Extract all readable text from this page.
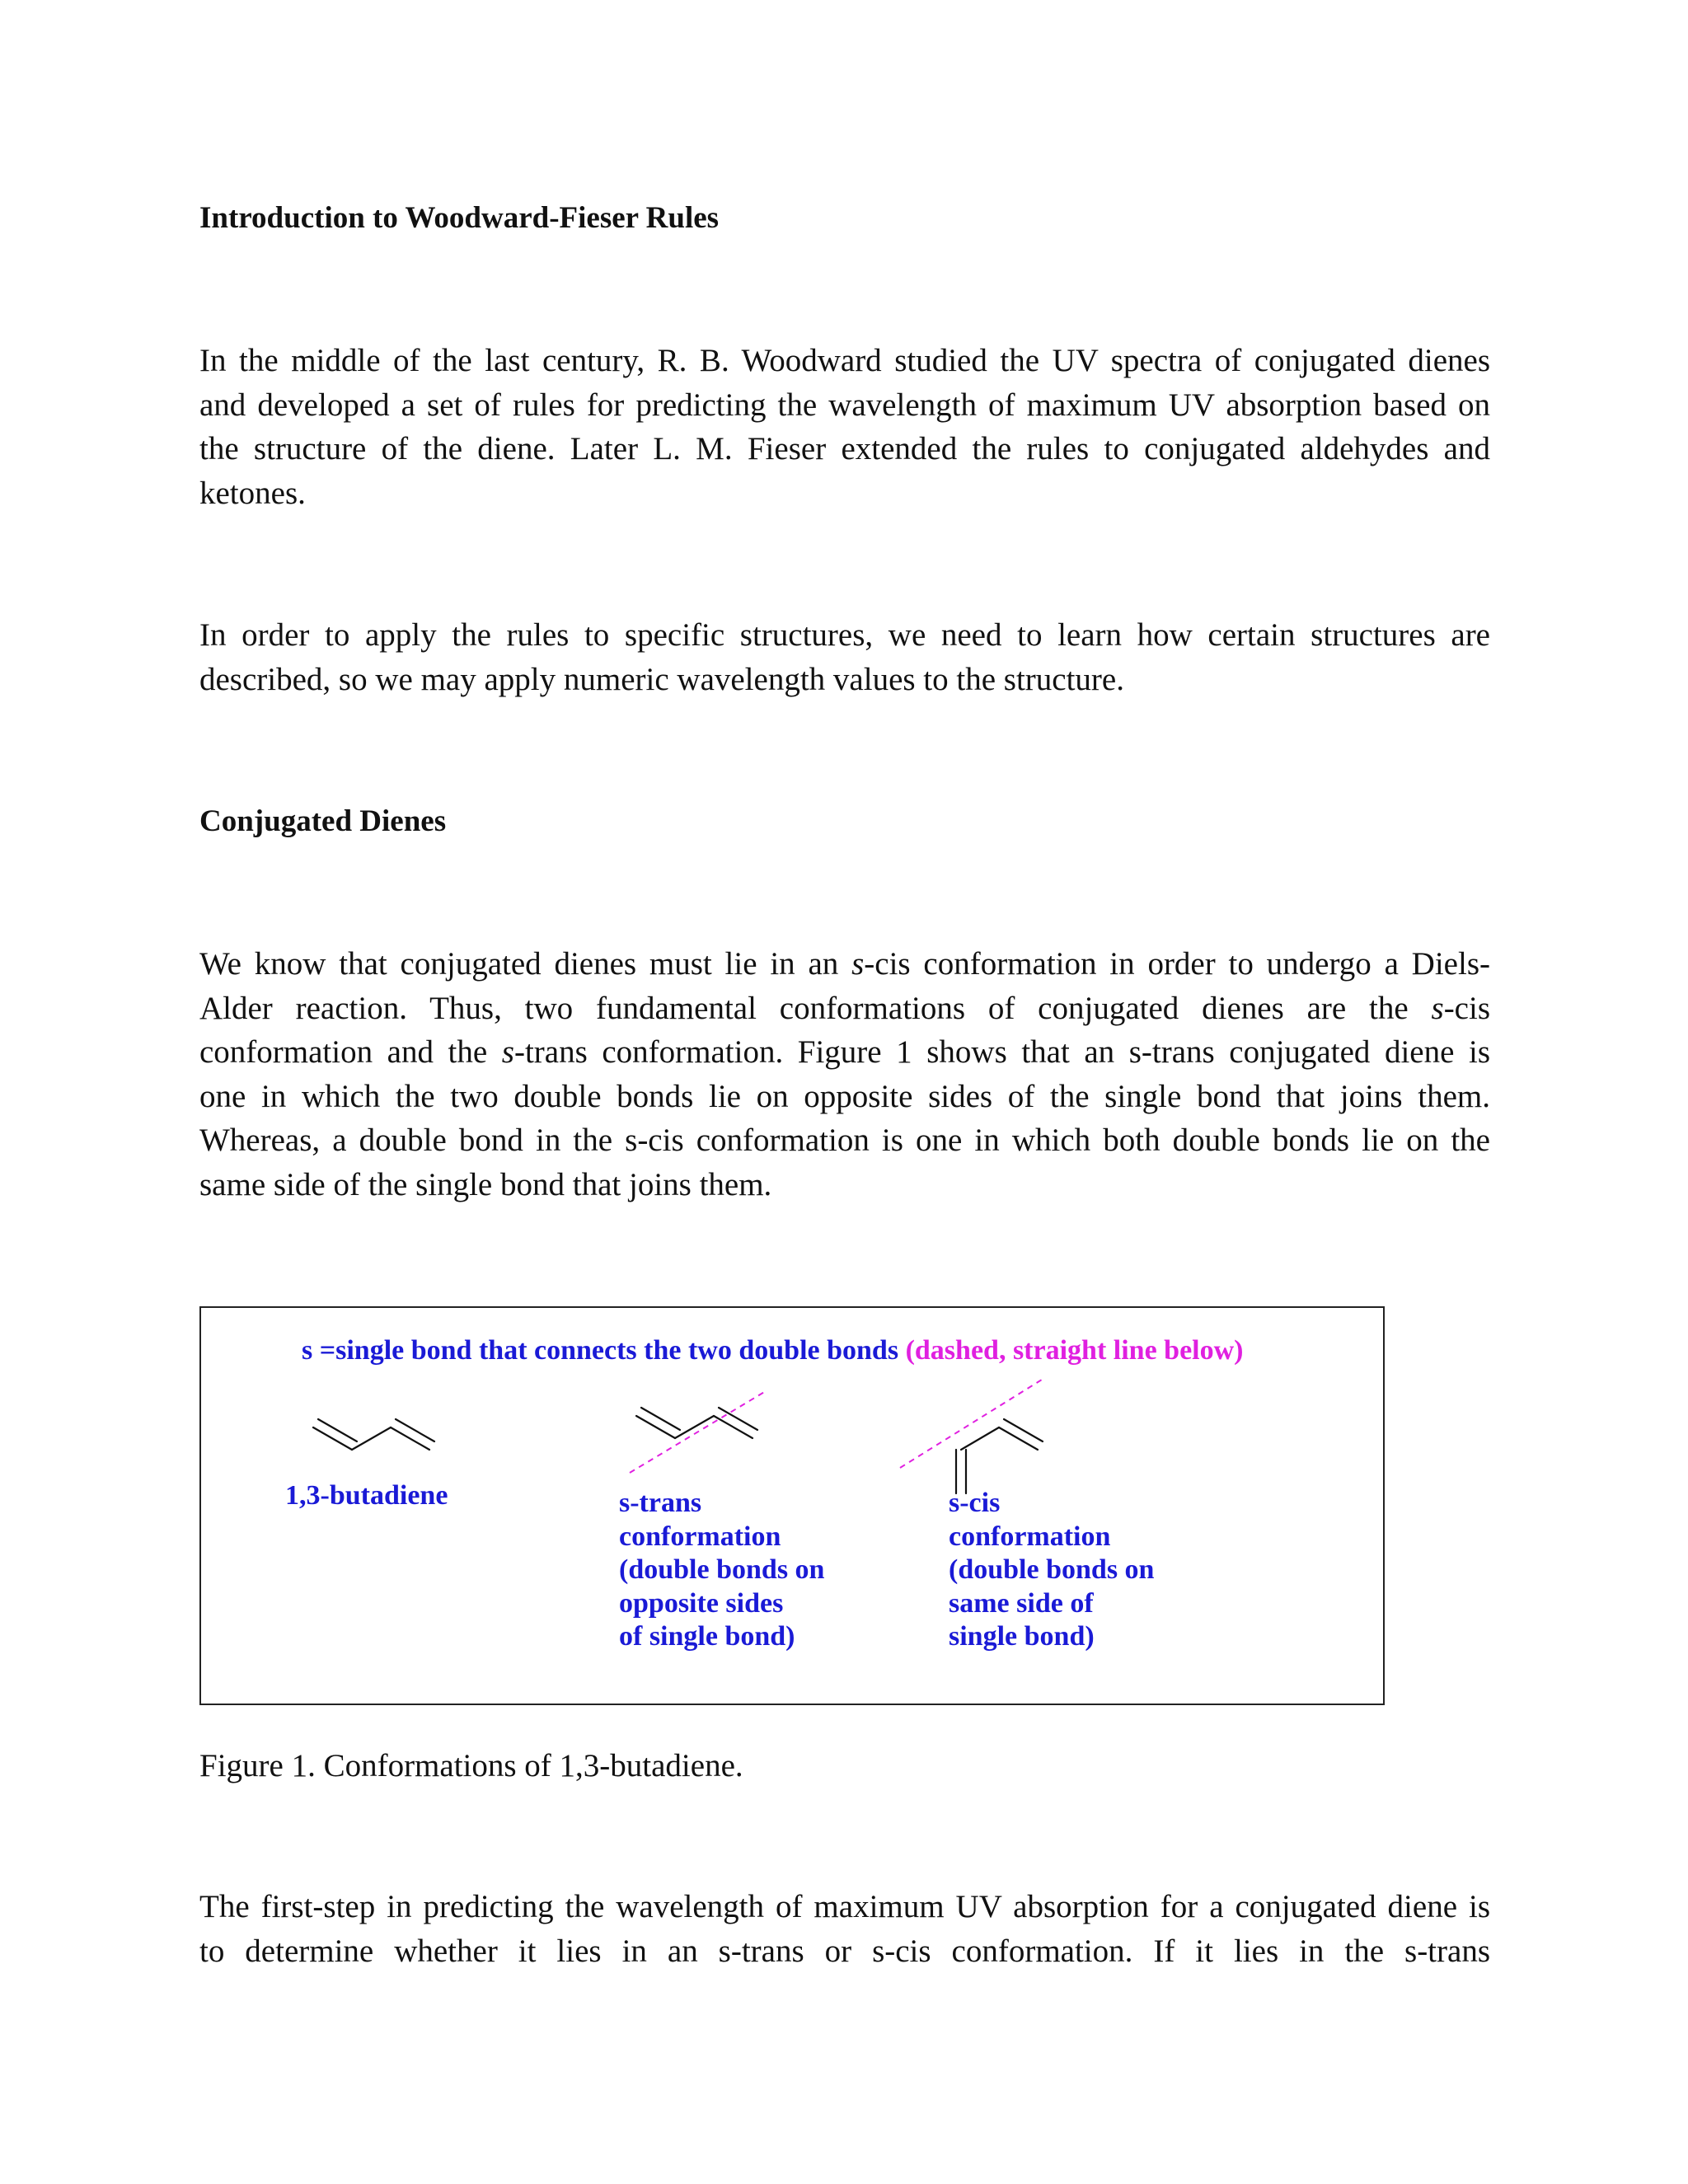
Introduction to Woodward-Fieser Rules
In the middle of the last century, R. B. Woodward studied the UV spectra of conjugated dienes
and developed a set of rules for predicting the wavelength of maximum UV absorption based on
the structure of the diene. Later L. M. Fieser extended the rules to conjugated aldehydes and
ketones.
In order to apply the rules to specific structures, we need to learn how certain structures are
described, so we may apply numeric wavelength values to the structure.
Conjugated Dienes
We know that conjugated dienes must lie in an s-cis conformation in order to undergo a Diels-
Alder reaction. Thus, two fundamental conformations of conjugated dienes are the s-cis
conformation and the s-trans conformation. Figure 1 shows that an s-trans conjugated diene is
one in which the two double bonds lie on opposite sides of the single bond that joins them.
Whereas, a double bond in the s-cis conformation is one in which both double bonds lie on the
same side of the single bond that joins them.
s =single bond that connects the two double bonds (dashed, straight line below)
1,3-butadiene	s-trans
conformation
(double bonds on
opposite sides
of single bond)
s-cis
conformation
(double bonds on
same side of
single bond)
Figure 1. Conformations of 1,3-butadiene.
The first-step in predicting the wavelength of maximum UV absorption for a conjugated diene is
to determine whether it lies in an s-trans or s-cis conformation. If it lies in the s-trans
